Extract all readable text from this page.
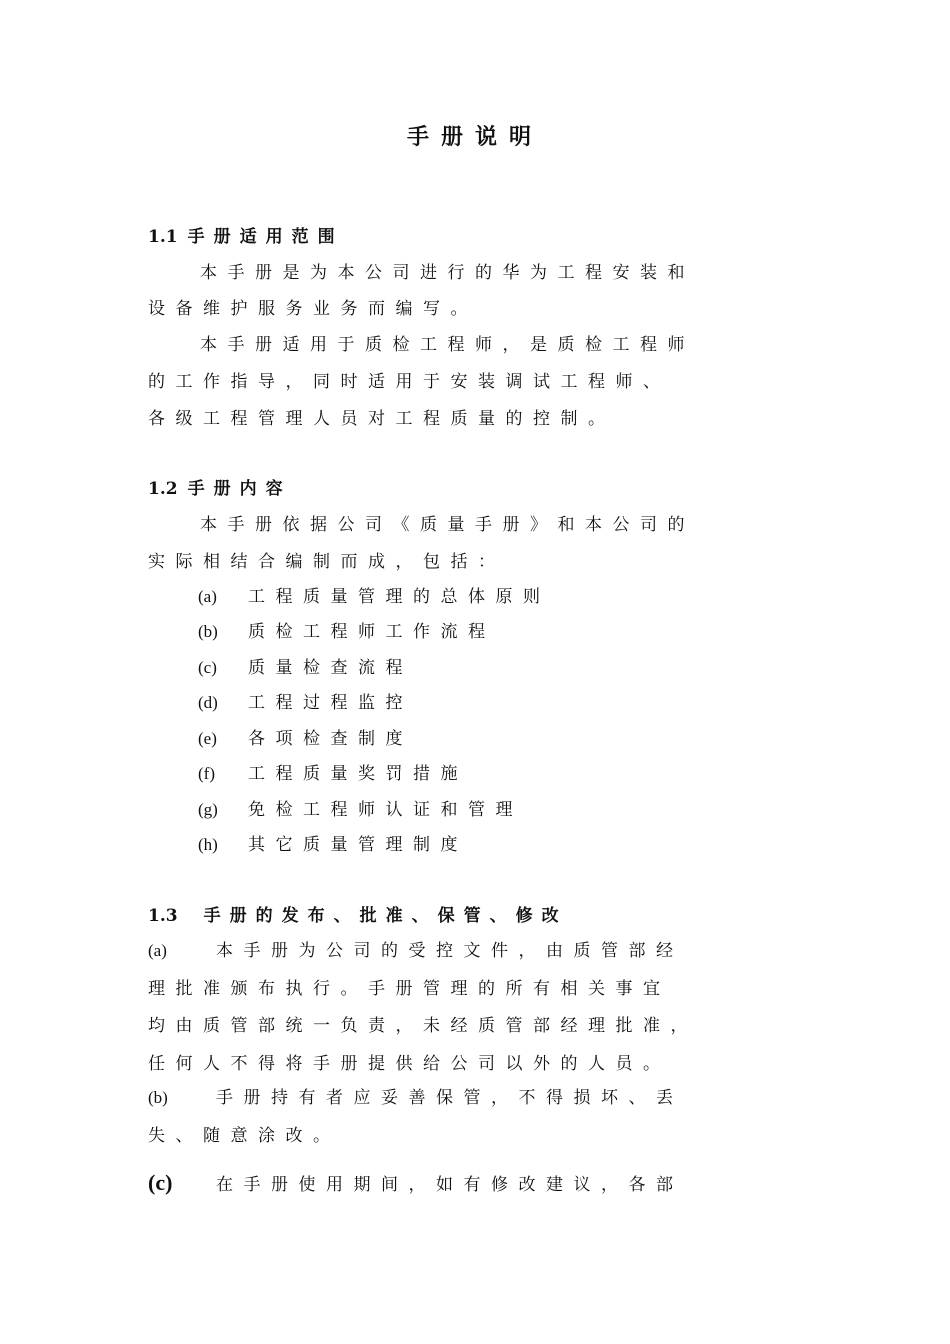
手册说明
1.1 手册适用范围
本手册是为本公司进行的华为工程安装和
设备维护服务业务而编写。
本手册适用于质检工程师，是质检工程师
的工作指导，同时适用于安装调试工程师、
各级工程管理人员对工程质量的控制。
1.2 手册内容
本手册依据公司《质量手册》和本公司的
实际相结合编制而成，包括：
(a) 工程质量管理的总体原则
(b) 质检工程师工作流程
(c) 质量检查流程
(d) 工程过程监控
(e) 各项检查制度
(f) 工程质量奖罚措施
(g) 免检工程师认证和管理
(h) 其它质量管理制度
1.3 手册的发布、批准、保管、修改
(a)	本手册为公司的受控文件，由质管部经
理批准颁布执行。手册管理的所有相关事宜
均由质管部统一负责，未经质管部经理批准，
任何人不得将手册提供给公司以外的人员。
(b)	手册持有者应妥善保管，不得损坏、丢
失、随意涂改。
(c)	在手册使用期间，如有修改建议，各部
